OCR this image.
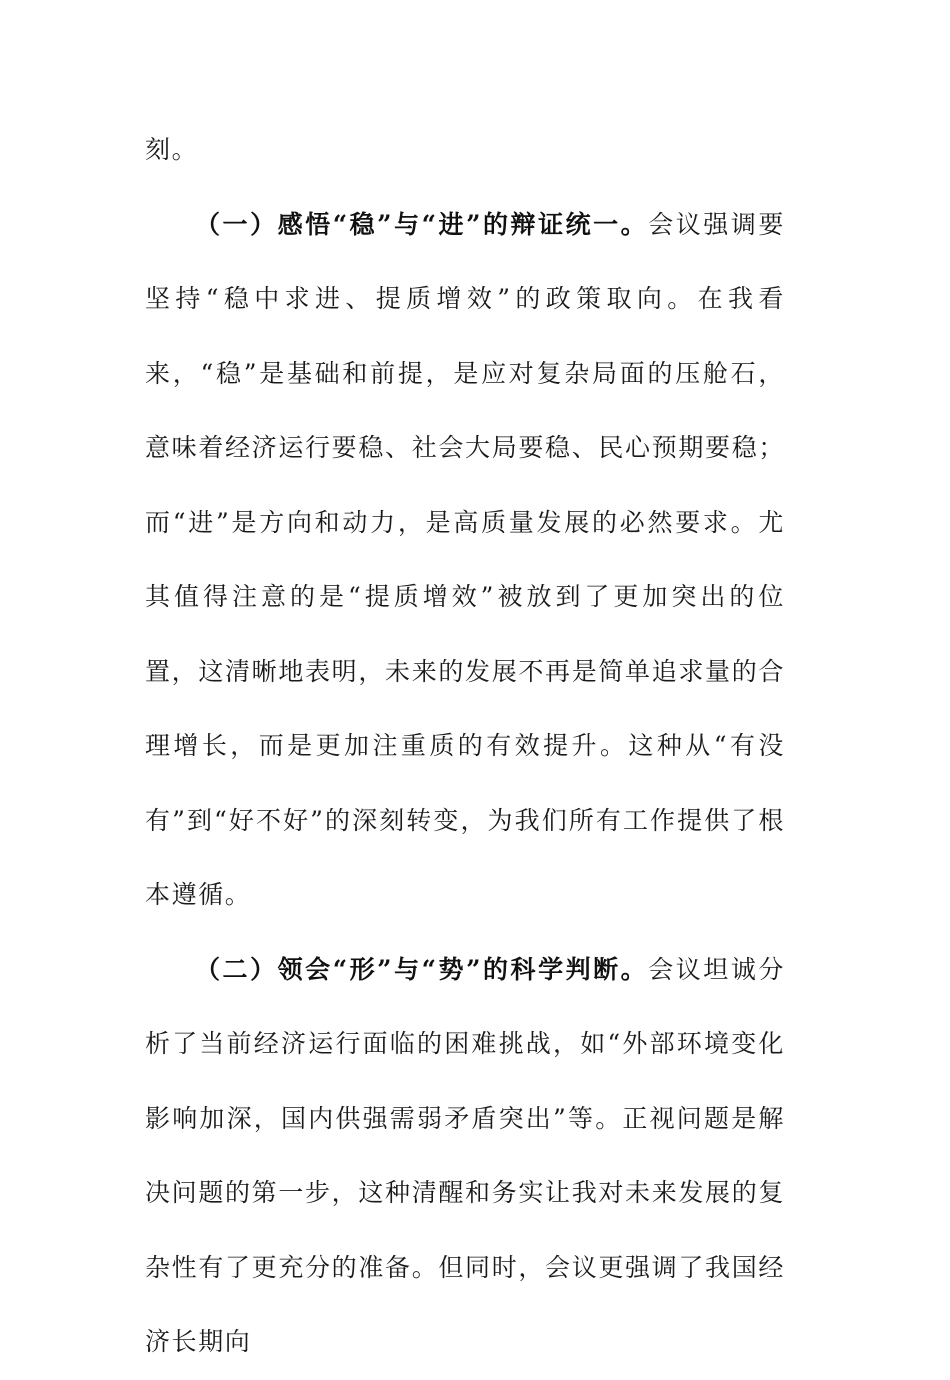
刻。

（一）感悟“稳”与“进”的辩证统一。会议强调要坚持“稳中求进、提质增效”的政策取向。在我看来，“稳”是基础和前提，是应对复杂局面的压舱石，意味着经济运行要稳、社会大局要稳、民心预期要稳；而“进”是方向和动力，是高质量发展的必然要求。尤其值得注意的是“提质增效”被放到了更加突出的位置，这清晰地表明，未来的发展不再是简单追求量的合理增长，而是更加注重质的有效提升。这种从“有没有”到“好不好”的深刻转变，为我们所有工作提供了根本遵循。

（二）领会“形”与“势”的科学判断。会议坦诚分析了当前经济运行面临的困难挑战，如“外部环境变化影响加深，国内供强需弱矛盾突出”等。正视问题是解决问题的第一步，这种清醒和务实让我对未来发展的复杂性有了更充分的准备。但同时，会议更强调了我国经济长期向
